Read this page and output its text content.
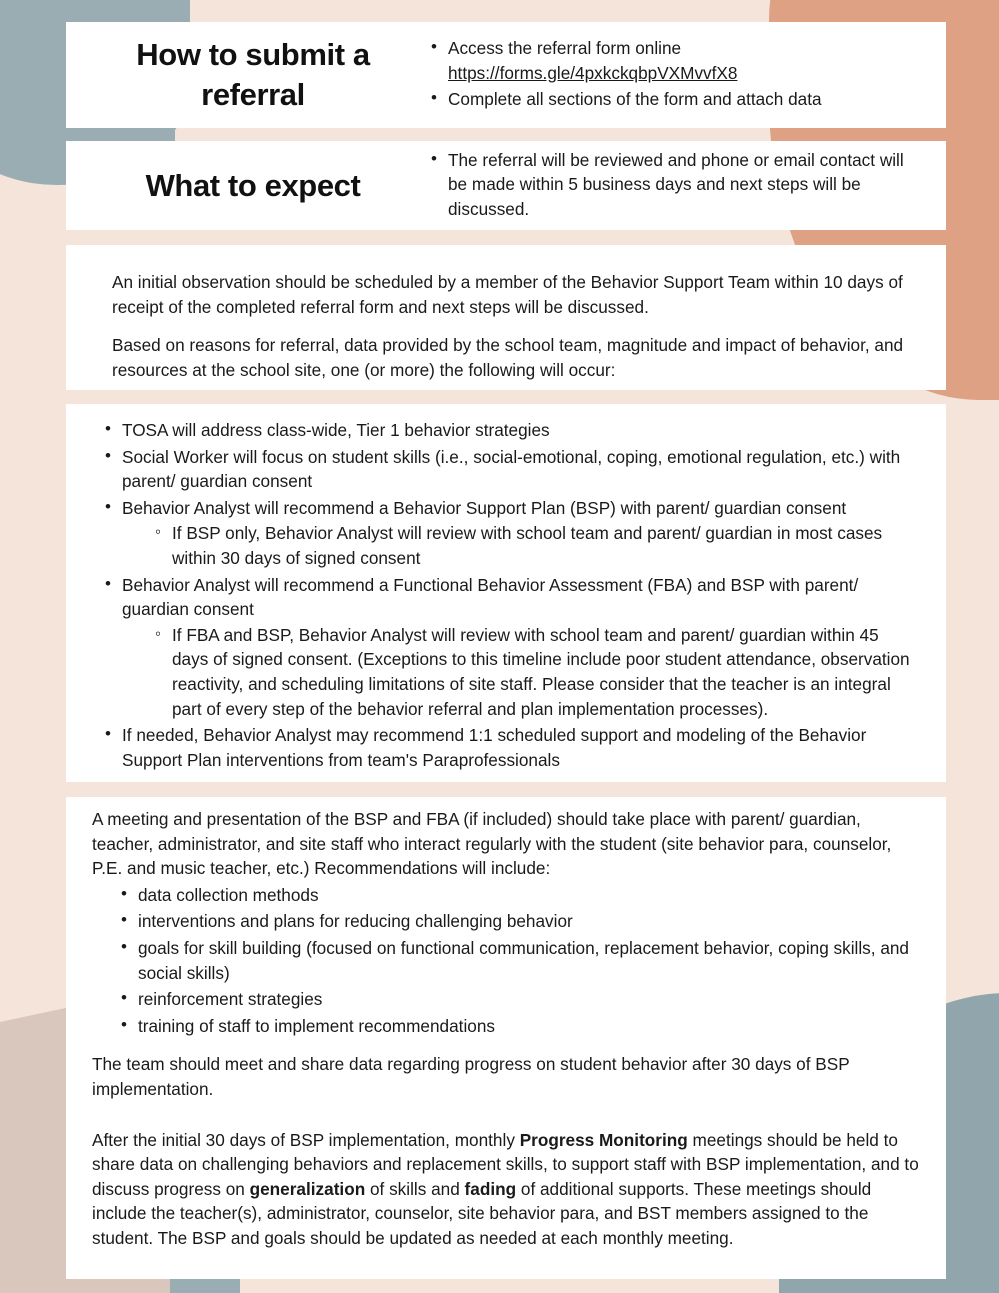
How to submit a referral
• Access the referral form online
https://forms.gle/4pxkckqbpVXMvvfX8
• Complete all sections of the form and attach data
What to expect
• The referral will be reviewed and phone or email contact will be made within 5 business days and next steps will be discussed.

An initial observation should be scheduled by a member of the Behavior Support Team within 10 days of receipt of the completed referral form and next steps will be discussed.

Based on reasons for referral, data provided by the school team, magnitude and impact of behavior, and resources at the school site, one (or more) the following will occur:

• TOSA will address class-wide, Tier 1 behavior strategies
• Social Worker will focus on student skills (i.e., social-emotional, coping, emotional regulation, etc.) with parent/ guardian consent
• Behavior Analyst will recommend a Behavior Support Plan (BSP) with parent/ guardian consent
◦ If BSP only, Behavior Analyst will review with school team and parent/ guardian in most cases within 30 days of signed consent
• Behavior Analyst will recommend a Functional Behavior Assessment (FBA) and BSP with parent/ guardian consent
◦ If FBA and BSP, Behavior Analyst will review with school team and parent/ guardian within 45 days of signed consent. (Exceptions to this timeline include poor student attendance, observation reactivity, and scheduling limitations of site staff. Please consider that the teacher is an integral part of every step of the behavior referral and plan implementation processes).
• If needed, Behavior Analyst may recommend 1:1 scheduled support and modeling of the Behavior Support Plan interventions from team's Paraprofessionals

A meeting and presentation of the BSP and FBA (if included) should take place with parent/ guardian, teacher, administrator, and site staff who interact regularly with the student (site behavior para, counselor, P.E. and music teacher, etc.) Recommendations will include:

• data collection methods
• interventions and plans for reducing challenging behavior
• goals for skill building (focused on functional communication, replacement behavior, coping skills, and social skills)
• reinforcement strategies
• training of staff to implement recommendations

The team should meet and share data regarding progress on student behavior after 30 days of BSP implementation.

After the initial 30 days of BSP implementation, monthly Progress Monitoring meetings should be held to share data on challenging behaviors and replacement skills, to support staff with BSP implementation, and to discuss progress on generalization of skills and fading of additional supports. These meetings should include the teacher(s), administrator, counselor, site behavior para, and BST members assigned to the student. The BSP and goals should be updated as needed at each monthly meeting.
